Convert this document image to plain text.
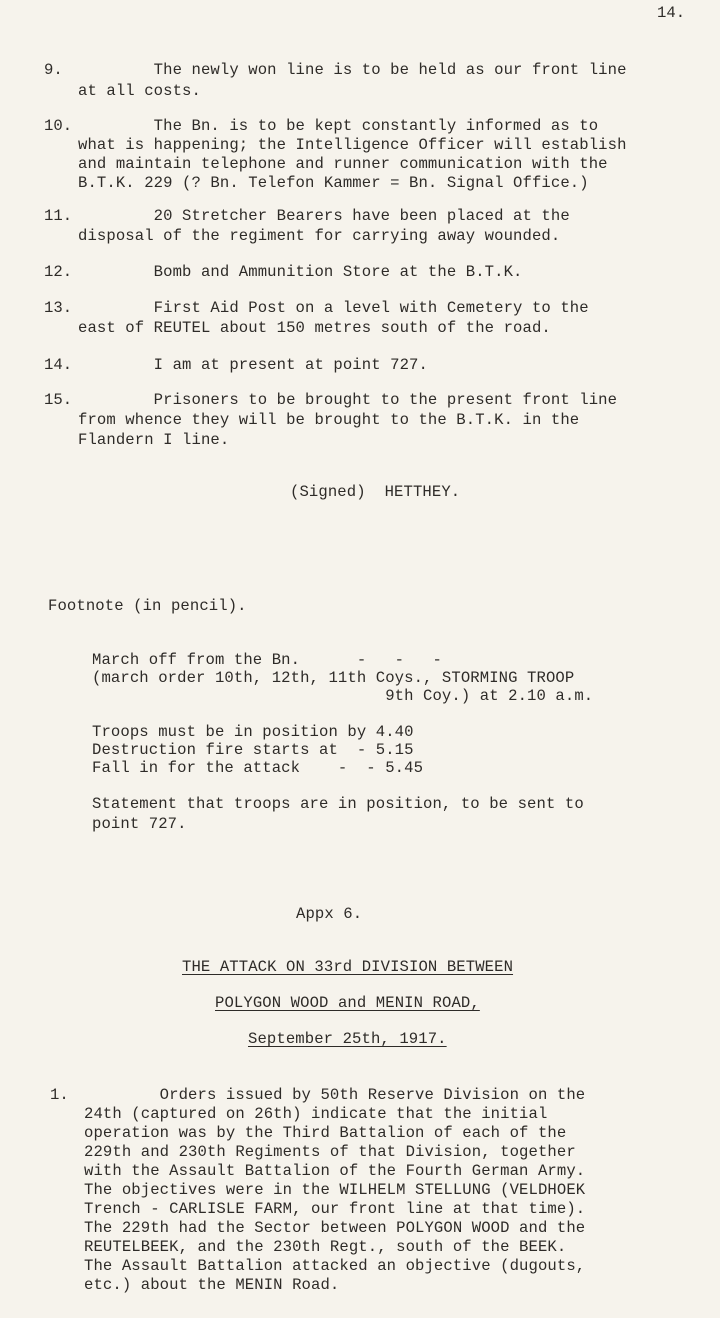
14.
9. The newly won line is to be held as our front line
at all costs.
10. The Bn. is to be kept constantly informed as to
what is happening; the Intelligence Officer will establish
and maintain telephone and runner communication with the
B.T.K. 229 (? Bn. Telefon Kammer = Bn. Signal Office.)
11. 20 Stretcher Bearers have been placed at the
disposal of the regiment for carrying away wounded.
12. Bomb and Ammunition Store at the B.T.K.
13. First Aid Post on a level with Cemetery to the
east of REUTEL about 150 metres south of the road.
14. I am at present at point 727.
15. Prisoners to be brought to the present front line
from whence they will be brought to the B.T.K. in the
Flandern I line.
(Signed)  HETTHEY.
Footnote (in pencil).
March off from the Bn.      -   -   -
(march order 10th, 12th, 11th Coys., STORMING TROOP
9th Coy.) at 2.10 a.m.
Troops must be in position by 4.40
Destruction fire starts at  - 5.15
Fall in for the attack    -  - 5.45
Statement that troops are in position, to be sent to
point 727.
Appx 6.
THE ATTACK ON 33rd DIVISION BETWEEN
POLYGON WOOD and MENIN ROAD,
September 25th, 1917.
1. Orders issued by 50th Reserve Division on the
24th (captured on 26th) indicate that the initial
operation was by the Third Battalion of each of the
229th and 230th Regiments of that Division, together
with the Assault Battalion of the Fourth German Army.
The objectives were in the WILHELM STELLUNG (VELDHOEK
Trench - CARLISLE FARM, our front line at that time).
The 229th had the Sector between POLYGON WOOD and the
REUTELBEEK, and the 230th Regt., south of the BEEK.
The Assault Battalion attacked an objective (dugouts,
etc.) about the MENIN Road.
